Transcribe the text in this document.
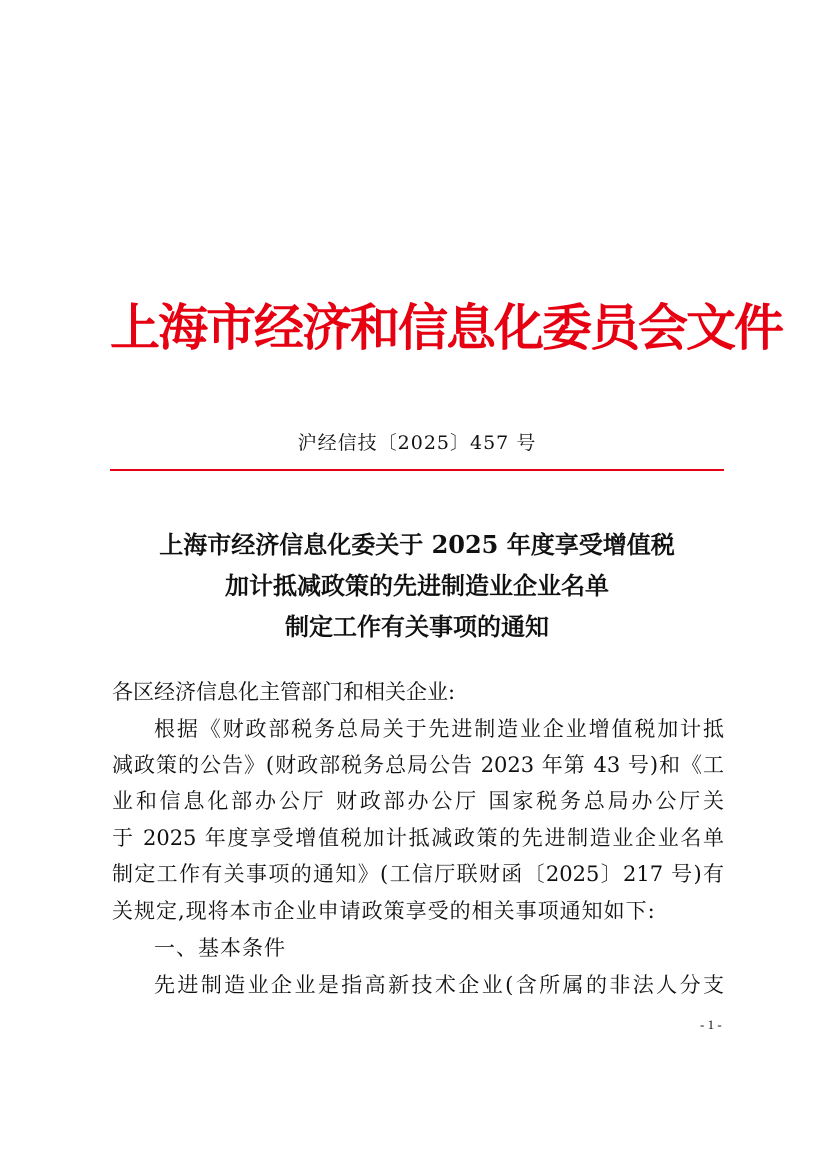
上海市经济和信息化委员会文件
沪经信技〔2025〕457 号
上海市经济信息化委关于 2025 年度享受增值税
加计抵减政策的先进制造业企业名单
制定工作有关事项的通知
各区经济信息化主管部门和相关企业:
根据《财政部税务总局关于先进制造业企业增值税加计抵
减政策的公告》(财政部税务总局公告 2023 年第 43 号)和《工
业和信息化部办公厅 财政部办公厅 国家税务总局办公厅关
于 2025 年度享受增值税加计抵减政策的先进制造业企业名单
制定工作有关事项的通知》(工信厅联财函〔2025〕217 号)有
关规定,现将本市企业申请政策享受的相关事项通知如下:
一、基本条件
先进制造业企业是指高新技术企业(含所属的非法人分支
- 1 -
